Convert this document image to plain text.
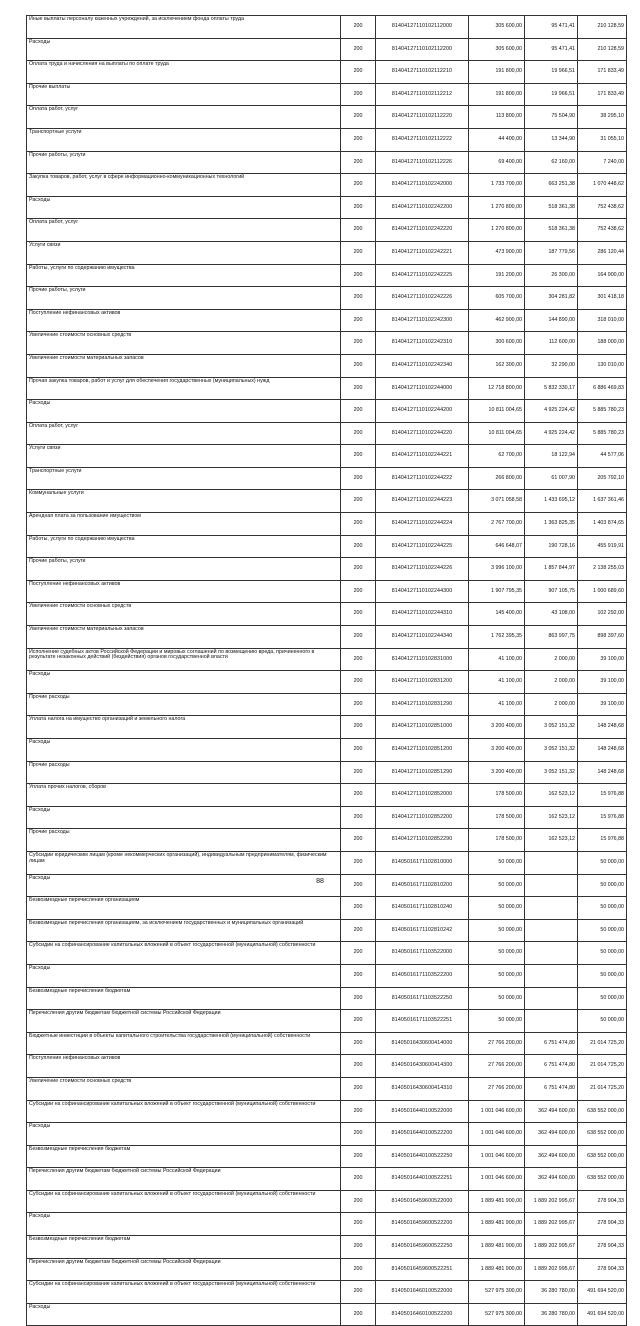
Иные выплаты персоналу казенных учреждений, за исключением фонда оплаты труда	200	81404127110102112000	305 600,00	95 471,41	210 128,59
Расходы	200	81404127110102112200	305 600,00	95 471,41	210 128,59
Оплата труда и начисления на выплаты по оплате труда	200	81404127110102112210	191 800,00	19 966,51	171 833,49
Прочие выплаты	200	81404127110102112212	191 800,00	19 966,51	171 833,49
Оплата работ, услуг	200	81404127110102112220	113 800,00	75 504,90	38 295,10
Транспортные услуги	200	81404127110102112222	44 400,00	13 344,90	31 055,10
Прочие работы, услуги	200	81404127110102112226	69 400,00	62 160,00	7 240,00
Закупка товаров, работ, услуг в сфере информационно-коммуникационных технологий	200	81404127110102242000	1 733 700,00	663 251,38	1 070 448,62
Расходы	200	81404127110102242200	1 270 800,00	518 361,38	752 438,62
Оплата работ, услуг	200	81404127110102242220	1 270 800,00	518 361,38	752 438,62
Услуги связи	200	81404127110102242221	473 900,00	187 779,56	286 120,44
Работы, услуги по содержанию имущества	200	81404127110102242225	191 200,00	26 300,00	164 900,00
Прочие работы, услуги	200	81404127110102242226	605 700,00	304 281,82	301 418,18
Поступление нефинансовых активов	200	81404127110102242300	462 900,00	144 890,00	318 010,00
Увеличение стоимости основных средств	200	81404127110102242310	300 600,00	112 600,00	188 000,00
Увеличение стоимости материальных запасов	200	81404127110102242340	162 300,00	32 290,00	130 010,00
Прочая закупка товаров, работ и услуг для обеспечения государственных (муниципальных) нужд	200	81404127110102244000	12 718 800,00	5 832 330,17	6 886 469,83
Расходы	200	81404127110102244200	10 811 004,65	4 925 224,42	5 885 780,23
Оплата работ, услуг	200	81404127110102244220	10 811 004,65	4 925 224,42	5 885 780,23
Услуги связи	200	81404127110102244221	62 700,00	18 122,94	44 577,06
Транспортные услуги	200	81404127110102244222	266 800,00	61 007,90	205 792,10
Коммунальные услуги	200	81404127110102244223	3 071 058,58	1 433 695,12	1 637 361,46
Арендная плата за пользование имуществом	200	81404127110102244224	2 767 700,00	1 363 825,35	1 403 874,65
Работы, услуги по содержанию имущества	200	81404127110102244225	646 648,07	190 728,16	455 919,91
Прочие работы, услуги	200	81404127110102244226	3 996 100,00	1 857 844,97	2 138 255,03
Поступление нефинансовых активов	200	81404127110102244300	1 907 795,35	907 105,75	1 000 689,60
Увеличение стоимости основных средств	200	81404127110102244310	145 400,00	43 108,00	102 292,00
Увеличение стоимости материальных запасов	200	81404127110102244340	1 762 395,35	863 997,75	898 397,60
Исполнение судебных актов Российской Федерации и мировых соглашений по возмещению вреда, причиненного в результате незаконных действий (бездействия) органов государственной власти	200	81404127110102831000	41 100,00	2 000,00	39 100,00
Расходы	200	81404127110102831200	41 100,00	2 000,00	39 100,00
Прочие расходы	200	81404127110102831290	41 100,00	2 000,00	39 100,00
Уплата налога на имущество организаций и земельного налога	200	81404127110102851000	3 200 400,00	3 052 151,32	148 248,68
Расходы	200	81404127110102851200	3 200 400,00	3 052 151,32	148 248,68
Прочие расходы	200	81404127110102851290	3 200 400,00	3 052 151,32	148 248,68
Уплата прочих налогов, сборов	200	81404127110102852000	178 500,00	162 523,12	15 976,88
Расходы	200	81404127110102852200	178 500,00	162 523,12	15 976,88
Прочие расходы	200	81404127110102852290	178 500,00	162 523,12	15 976,88
Субсидии юридическим лицам (кроме некоммерческих организаций), индивидуальным предпринимателям, физическим лицам	200	81405016171102810000	50 000,00		50 000,00
Расходы	200	81405016171102810200	50 000,00		50 000,00
Безвозмездные перечисления организациям	200	81405016171102810240	50 000,00		50 000,00
Безвозмездные перечисления организациям, за исключением государственных и муниципальных организаций	200	81405016171102810242	50 000,00		50 000,00
Субсидии на софинансирование капитальных вложений в объект государственной (муниципальной) собственности	200	81405016171103522000	50 000,00		50 000,00
Расходы	200	81405016171103522200	50 000,00		50 000,00
Безвозмездные перечисления бюджетам	200	81405016171103522250	50 000,00		50 000,00
Перечисления другим бюджетам бюджетной системы Российской Федерации	200	81405016171103522251	50 000,00		50 000,00
Бюджетные инвестиции в объекты капитального строительства государственной (муниципальной) собственности	200	81405016430600414000	27 766 200,00	6 751 474,80	21 014 725,20
Поступление нефинансовых активов	200	81405016430600414300	27 766 200,00	6 751 474,80	21 014 725,20
Увеличение стоимости основных средств	200	81405016430600414310	27 766 200,00	6 751 474,80	21 014 725,20
Субсидии на софинансирование капитальных вложений в объект государственной (муниципальной) собственности	200	81405016440100522000	1 001 046 600,00	362 494 600,00	638 552 000,00
Расходы	200	81405016440100522200	1 001 046 600,00	362 494 600,00	638 552 000,00
Безвозмездные перечисления бюджетам	200	81405016440100522250	1 001 046 600,00	362 494 600,00	638 552 000,00
Перечисления другим бюджетам бюджетной системы Российской Федерации	200	81405016440100522251	1 001 046 600,00	362 494 600,00	638 552 000,00
Субсидии на софинансирование капитальных вложений в объект государственной (муниципальной) собственности	200	81405016459600522000	1 889 481 900,00	1 889 202 995,67	278 904,33
Расходы	200	81405016459600522200	1 889 481 900,00	1 889 202 995,67	278 904,33
Безвозмездные перечисления бюджетам	200	81405016459600522250	1 889 481 900,00	1 889 202 995,67	278 904,33
Перечисления другим бюджетам бюджетной системы Российской Федерации	200	81405016459600522251	1 889 481 900,00	1 889 202 995,67	278 904,33
Субсидии на софинансирование капитальных вложений в объект государственной (муниципальной) собственности	200	81405016460100522000	527 975 300,00	36 280 780,00	491 694 520,00
Расходы	200	81405016460100522200	527 975 300,00	36 280 780,00	491 694 520,00
88
